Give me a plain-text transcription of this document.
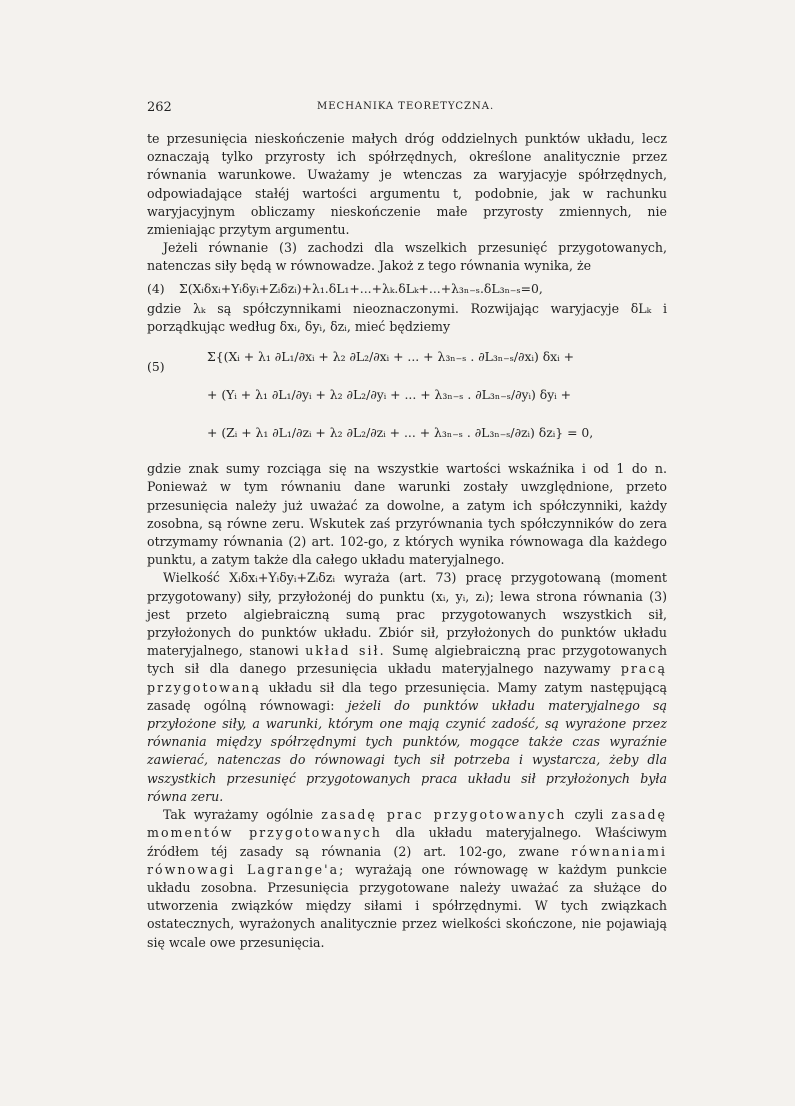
262	MECHANIKA TEORETYCZNA.

te przesunięcia nieskończenie małych dróg oddzielnych punktów układu, lecz oznaczają tylko przyrosty ich spółrzędnych, określone analitycznie przez równania warunkowe. Uważamy je wtenczas za waryjacyje spółrzędnych, odpowiadające stałéj wartości argumentu t, podobnie, jak w rachunku waryjacyjnym obliczamy nieskończenie małe przyrosty zmiennych, nie zmieniając przytym argumentu.

Jeżeli równanie (3) zachodzi dla wszelkich przesunięć przygotowanych, natenczas siły będą w równowadze. Jakoż z tego równania wynika, że

(4) Σ(Xᵢδxᵢ+Yᵢδyᵢ+Zᵢδzᵢ)+λ₁.δL₁+...+λₖ.δLₖ+...+λ₃ₙ₋ₛ.δL₃ₙ₋ₛ=0,

gdzie λₖ są spółczynnikami nieoznaczonymi. Rozwijając waryjacyje δLₖ i porządkując według δxᵢ, δyᵢ, δzᵢ, mieć będziemy

(5)
Σ{(Xᵢ + λ₁ ∂L₁/∂xᵢ + λ₂ ∂L₂/∂xᵢ + ... + λ₃ₙ₋ₛ . ∂L₃ₙ₋ₛ/∂xᵢ) δxᵢ +
+ (Yᵢ + λ₁ ∂L₁/∂yᵢ + λ₂ ∂L₂/∂yᵢ + ... + λ₃ₙ₋ₛ . ∂L₃ₙ₋ₛ/∂yᵢ) δyᵢ +
+ (Zᵢ + λ₁ ∂L₁/∂zᵢ + λ₂ ∂L₂/∂zᵢ + ... + λ₃ₙ₋ₛ . ∂L₃ₙ₋ₛ/∂zᵢ) δzᵢ} = 0,

gdzie znak sumy rozciąga się na wszystkie wartości wskaźnika i od 1 do n. Ponieważ w tym równaniu dane warunki zostały uwzględnione, przeto przesunięcia należy już uważać za dowolne, a zatym ich spółczynniki, każdy zosobna, są równe zeru. Wskutek zaś przyrównania tych spółczynników do zera otrzymamy równania (2) art. 102-go, z których wynika równowaga dla każdego punktu, a zatym także dla całego układu materyjalnego.

Wielkość Xᵢδxᵢ+Yᵢδyᵢ+Zᵢδzᵢ wyraża (art. 73) pracę przygotowaną (moment przygotowany) siły, przyłożonéj do punktu (xᵢ, yᵢ, zᵢ); lewa strona równania (3) jest przeto algiebraiczną sumą prac przygotowanych wszystkich sił, przyłożonych do punktów układu. Zbiór sił, przyłożonych do punktów układu materyjalnego, stanowi układ sił. Sumę algiebraiczną prac przygotowanych tych sił dla danego przesunięcia układu materyjalnego nazywamy pracą przygotowaną układu sił dla tego przesunięcia. Mamy zatym następującą zasadę ogólną równowagi: jeżeli do punktów układu materyjalnego są przyłożone siły, a warunki, którym one mają czynić zadość, są wyrażone przez równania między spółrzędnymi tych punktów, mogące także czas wyraźnie zawierać, natenczas do równowagi tych sił potrzeba i wystarcza, żeby dla wszystkich przesunięć przygotowanych praca układu sił przyłożonych była równa zeru.

Tak wyrażamy ogólnie zasadę prac przygotowanych czyli zasadę momentów przygotowanych dla układu materyjalnego. Właściwym źródłem téj zasady są równania (2) art. 102-go, zwane równaniami równowagi Lagrange'a; wyrażają one równowagę w każdym punkcie układu zosobna. Przesunięcia przygotowane należy uważać za służące do utworzenia związków między siłami i spółrzędnymi. W tych związkach ostatecznych, wyrażonych analitycznie przez wielkości skończone, nie pojawiają się wcale owe przesunięcia.
